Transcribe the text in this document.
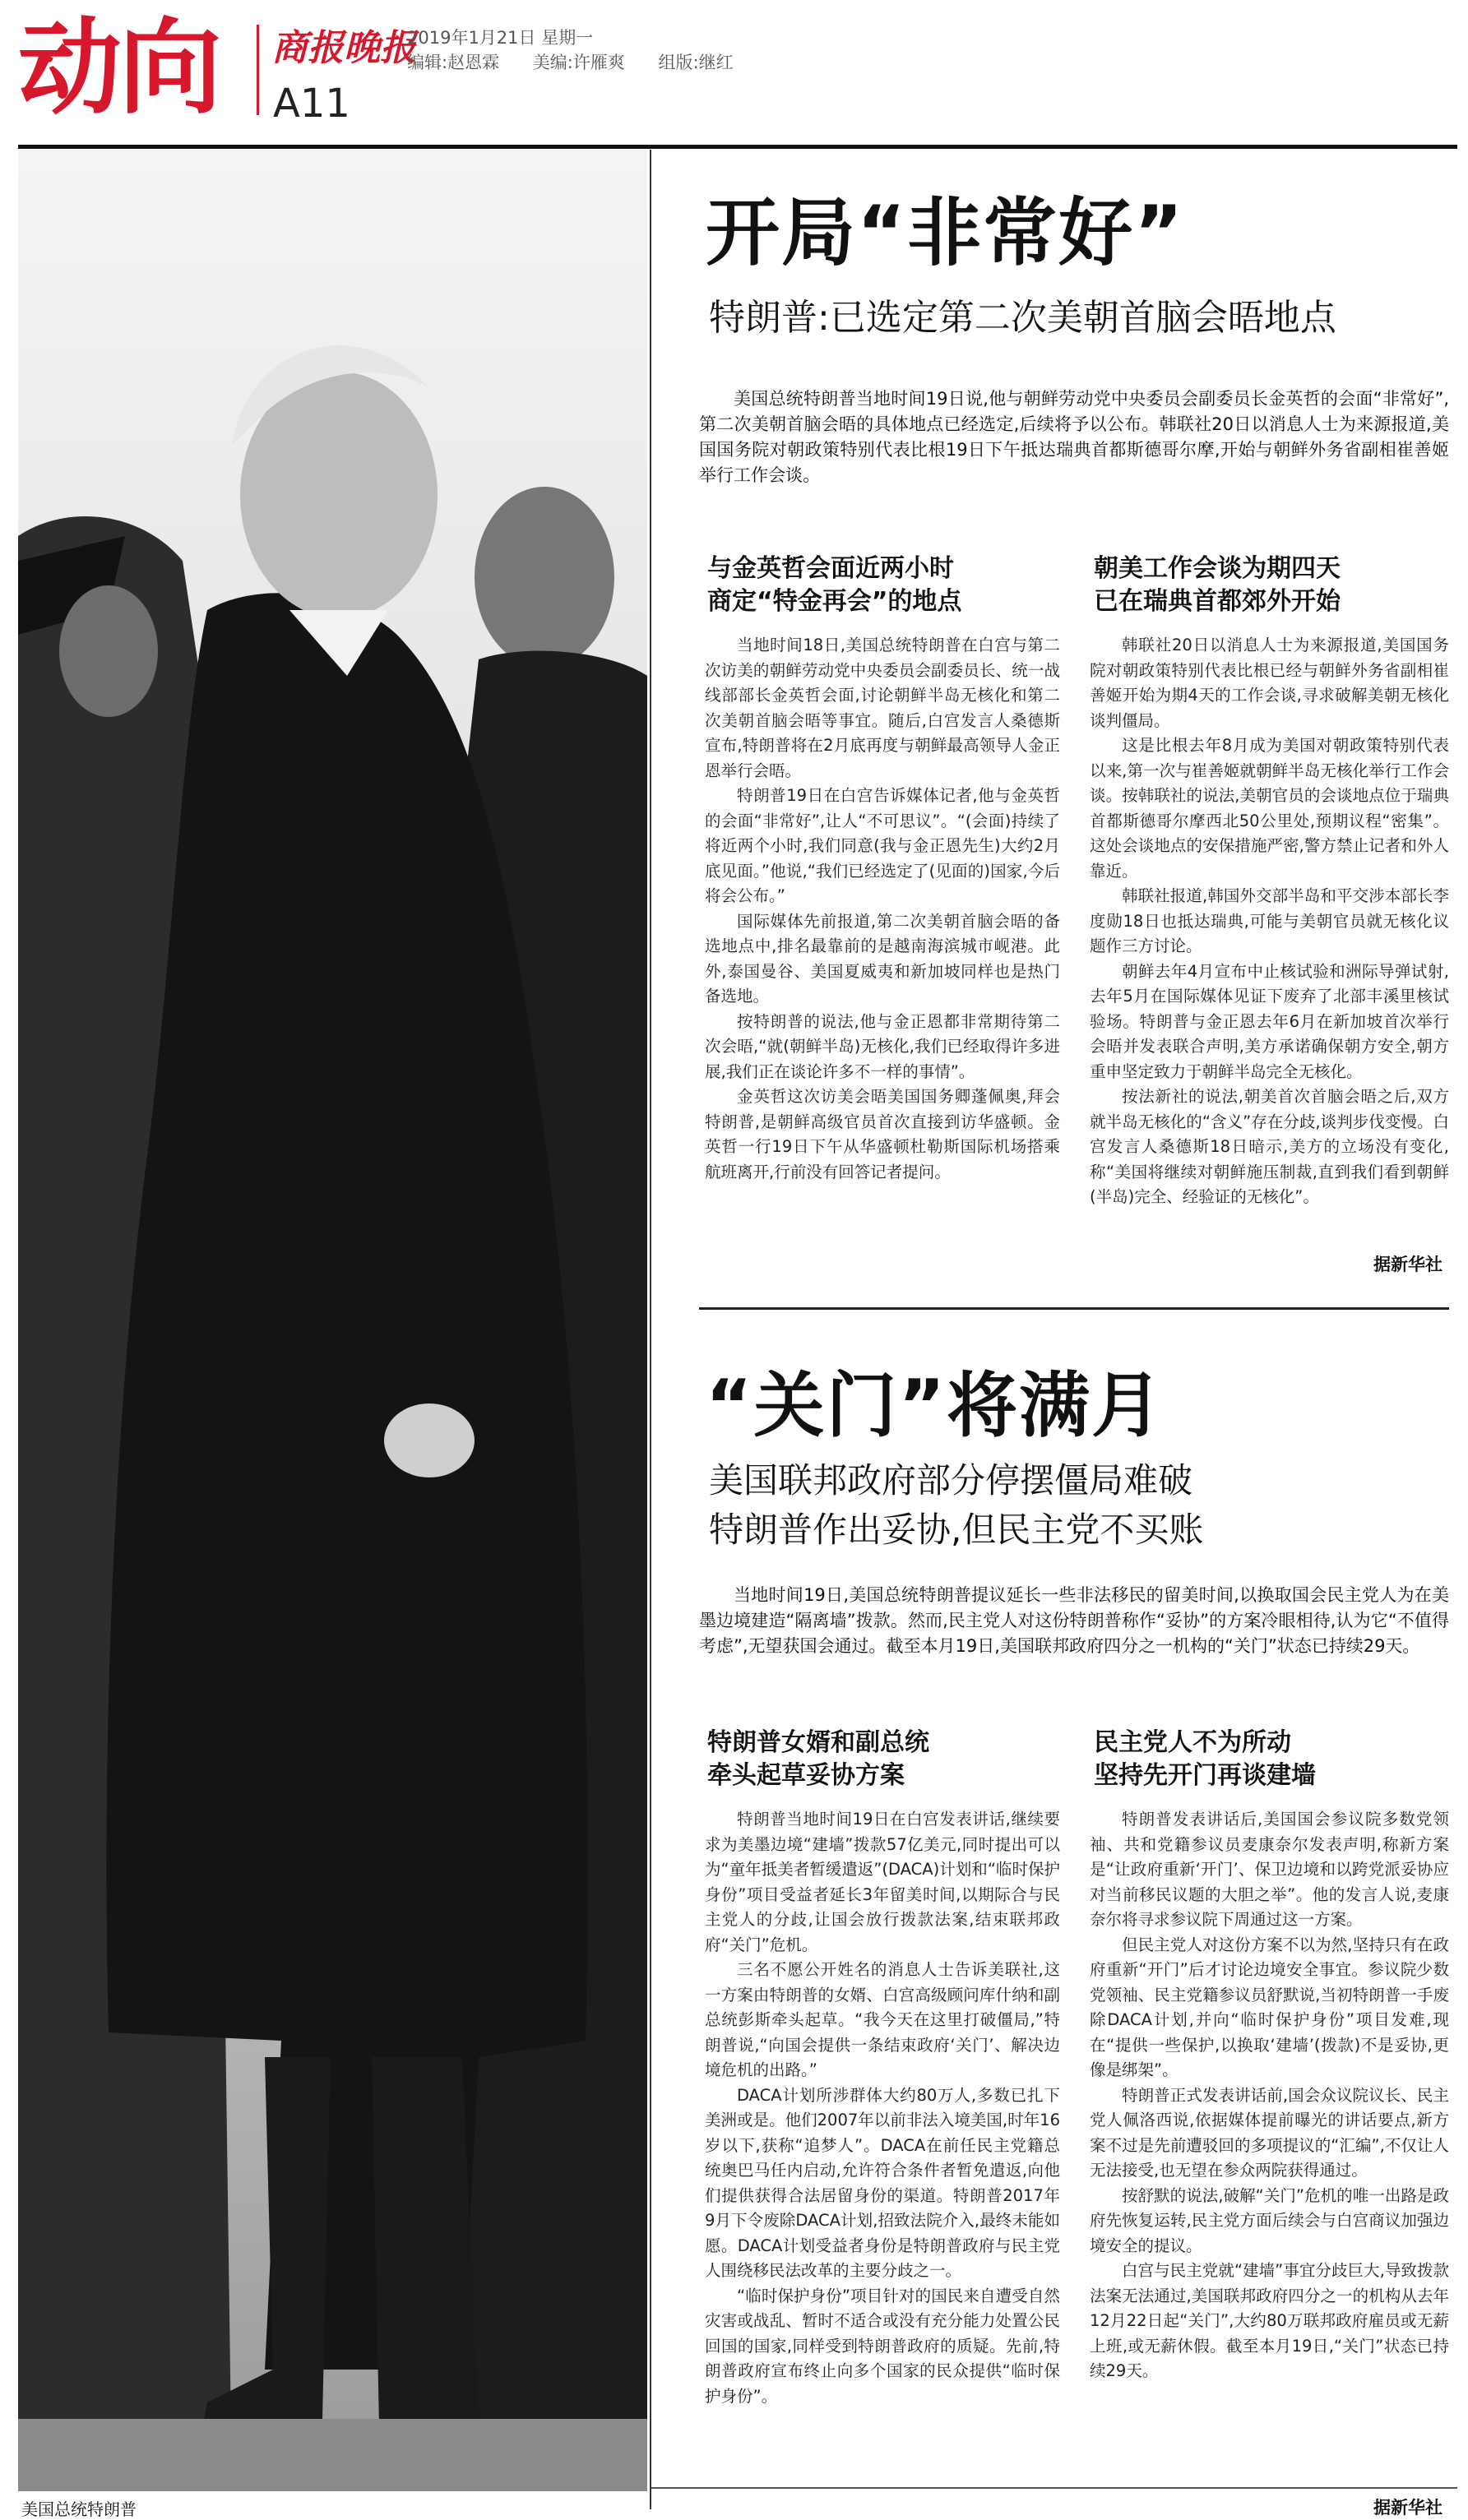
动向 商报晚报
A11
2019年1月21日 星期一
编辑:赵恩霖 美编:许雁爽 组版:继红
美国总统特朗普
开局“非常好”
特朗普:已选定第二次美朝首脑会晤地点
美国总统特朗普当地时间19日说,他与朝鲜劳动党中央委员会副委员长金英哲的会面“非常好”,第二次美朝首脑会晤的具体地点已经选定,后续将予以公布。韩联社20日以消息人士为来源报道,美国国务院对朝政策特别代表比根19日下午抵达瑞典首都斯德哥尔摩,开始与朝鲜外务省副相崔善姬举行工作会谈。
与金英哲会面近两小时
商定“特金再会”的地点

当地时间18日,美国总统特朗普在白宫与第二次访美的朝鲜劳动党中央委员会副委员长、统一战线部部长金英哲会面,讨论朝鲜半岛无核化和第二次美朝首脑会晤等事宜。随后,白宫发言人桑德斯宣布,特朗普将在2月底再度与朝鲜最高领导人金正恩举行会晤。

特朗普19日在白宫告诉媒体记者,他与金英哲的会面“非常好”,让人“不可思议”。“(会面)持续了将近两个小时,我们同意(我与金正恩先生)大约2月底见面。”他说,“我们已经选定了(见面的)国家,今后将会公布。”

国际媒体先前报道,第二次美朝首脑会晤的备选地点中,排名最靠前的是越南海滨城市岘港。此外,泰国曼谷、美国夏威夷和新加坡同样也是热门备选地。

按特朗普的说法,他与金正恩都非常期待第二次会晤,“就(朝鲜半岛)无核化,我们已经取得许多进展,我们正在谈论许多不一样的事情”。

金英哲这次访美会晤美国国务卿蓬佩奥,拜会特朗普,是朝鲜高级官员首次直接到访华盛顿。金英哲一行19日下午从华盛顿杜勒斯国际机场搭乘航班离开,行前没有回答记者提问。

朝美工作会谈为期四天
已在瑞典首都郊外开始

韩联社20日以消息人士为来源报道,美国国务院对朝政策特别代表比根已经与朝鲜外务省副相崔善姬开始为期4天的工作会谈,寻求破解美朝无核化谈判僵局。

这是比根去年8月成为美国对朝政策特别代表以来,第一次与崔善姬就朝鲜半岛无核化举行工作会谈。按韩联社的说法,美朝官员的会谈地点位于瑞典首都斯德哥尔摩西北50公里处,预期议程“密集”。这处会谈地点的安保措施严密,警方禁止记者和外人靠近。

韩联社报道,韩国外交部半岛和平交涉本部长李度勋18日也抵达瑞典,可能与美朝官员就无核化议题作三方讨论。

朝鲜去年4月宣布中止核试验和洲际导弹试射,去年5月在国际媒体见证下废弃了北部丰溪里核试验场。特朗普与金正恩去年6月在新加坡首次举行会晤并发表联合声明,美方承诺确保朝方安全,朝方重申坚定致力于朝鲜半岛完全无核化。

按法新社的说法,朝美首次首脑会晤之后,双方就半岛无核化的“含义”存在分歧,谈判步伐变慢。白宫发言人桑德斯18日暗示,美方的立场没有变化,称“美国将继续对朝鲜施压制裁,直到我们看到朝鲜(半岛)完全、经验证的无核化”。

据新华社
“关门”将满月
美国联邦政府部分停摆僵局难破
特朗普作出妥协,但民主党不买账
当地时间19日,美国总统特朗普提议延长一些非法移民的留美时间,以换取国会民主党人为在美墨边境建造“隔离墙”拨款。然而,民主党人对这份特朗普称作“妥协”的方案冷眼相待,认为它“不值得考虑”,无望获国会通过。截至本月19日,美国联邦政府四分之一机构的“关门”状态已持续29天。
特朗普女婿和副总统
牵头起草妥协方案

特朗普当地时间19日在白宫发表讲话,继续要求为美墨边境“建墙”拨款57亿美元,同时提出可以为“童年抵美者暂缓遣返”(DACA)计划和“临时保护身份”项目受益者延长3年留美时间,以期际合与民主党人的分歧,让国会放行拨款法案,结束联邦政府“关门”危机。

三名不愿公开姓名的消息人士告诉美联社,这一方案由特朗普的女婿、白宫高级顾问库什纳和副总统彭斯牵头起草。“我今天在这里打破僵局,”特朗普说,“向国会提供一条结束政府‘关门’、解决边境危机的出路。”

DACA计划所涉群体大约80万人,多数已扎下美洲或是。他们2007年以前非法入境美国,时年16岁以下,获称“追梦人”。DACA在前任民主党籍总统奥巴马任内启动,允许符合条件者暂免遣返,向他们提供获得合法居留身份的渠道。特朗普2017年9月下令废除DACA计划,招致法院介入,最终未能如愿。DACA计划受益者身份是特朗普政府与民主党人围绕移民法改革的主要分歧之一。

“临时保护身份”项目针对的国民来自遭受自然灾害或战乱、暂时不适合或没有充分能力处置公民回国的国家,同样受到特朗普政府的质疑。先前,特朗普政府宣布终止向多个国家的民众提供“临时保护身份”。

民主党人不为所动
坚持先开门再谈建墙

特朗普发表讲话后,美国国会参议院多数党领袖、共和党籍参议员麦康奈尔发表声明,称新方案是“让政府重新‘开门’、保卫边境和以跨党派妥协应对当前移民议题的大胆之举”。他的发言人说,麦康奈尔将寻求参议院下周通过这一方案。

但民主党人对这份方案不以为然,坚持只有在政府重新“开门”后才讨论边境安全事宜。参议院少数党领袖、民主党籍参议员舒默说,当初特朗普一手废除DACA计划,并向“临时保护身份”项目发难,现在“提供一些保护,以换取‘建墙’(拨款)不是妥协,更像是绑架”。

特朗普正式发表讲话前,国会众议院议长、民主党人佩洛西说,依据媒体提前曝光的讲话要点,新方案不过是先前遭驳回的多项提议的“汇编”,不仅让人无法接受,也无望在参众两院获得通过。

按舒默的说法,破解“关门”危机的唯一出路是政府先恢复运转,民主党方面后续会与白宫商议加强边境安全的提议。

白宫与民主党就“建墙”事宜分歧巨大,导致拨款法案无法通过,美国联邦政府四分之一的机构从去年12月22日起“关门”,大约80万联邦政府雇员或无薪上班,或无薪休假。截至本月19日,“关门”状态已持续29天。

据新华社
